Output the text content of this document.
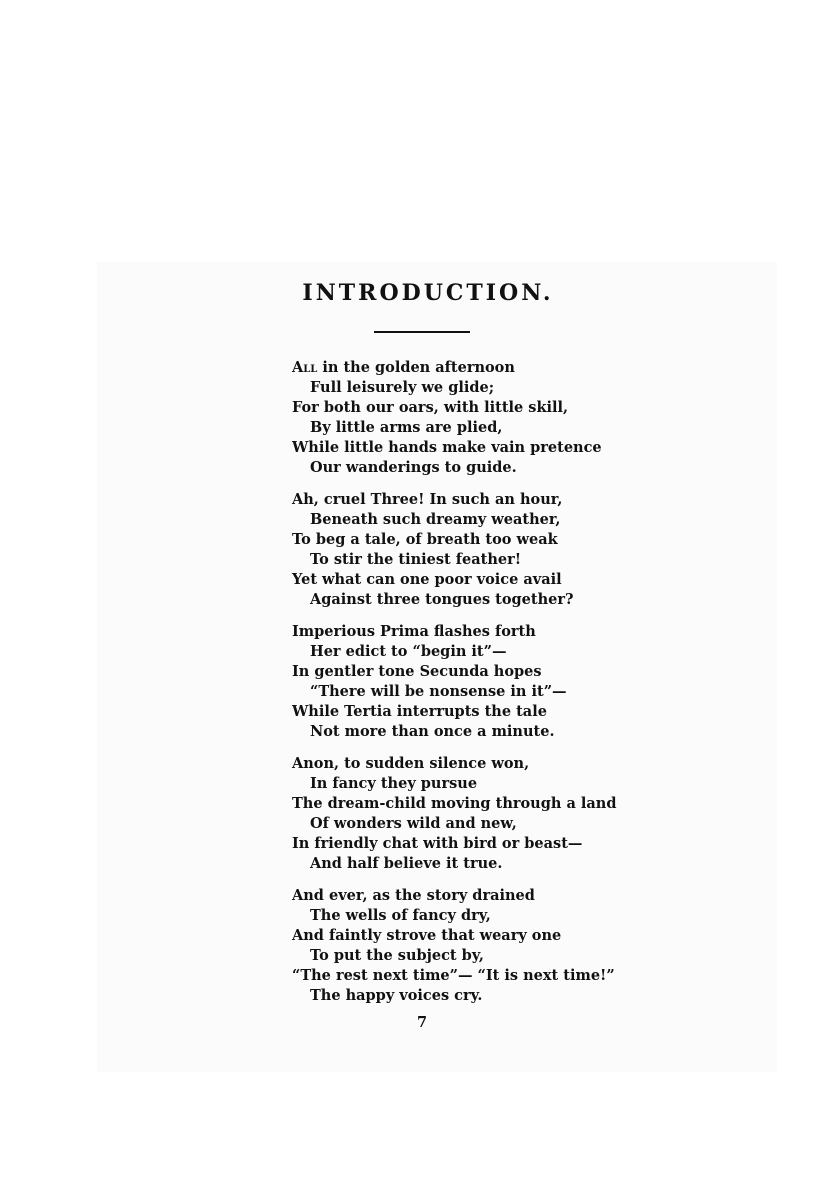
INTRODUCTION.
All in the golden afternoon
Full leisurely we glide;
For both our oars, with little skill,
By little arms are plied,
While little hands make vain pretence
Our wanderings to guide.
Ah, cruel Three! In such an hour,
Beneath such dreamy weather,
To beg a tale, of breath too weak
To stir the tiniest feather!
Yet what can one poor voice avail
Against three tongues together?
Imperious Prima flashes forth
Her edict to “begin it”—
In gentler tone Secunda hopes
“There will be nonsense in it”—
While Tertia interrupts the tale
Not more than once a minute.
Anon, to sudden silence won,
In fancy they pursue
The dream-child moving through a land
Of wonders wild and new,
In friendly chat with bird or beast—
And half believe it true.
And ever, as the story drained
The wells of fancy dry,
And faintly strove that weary one
To put the subject by,
“The rest next time”— “It is next time!”
The happy voices cry.
7
